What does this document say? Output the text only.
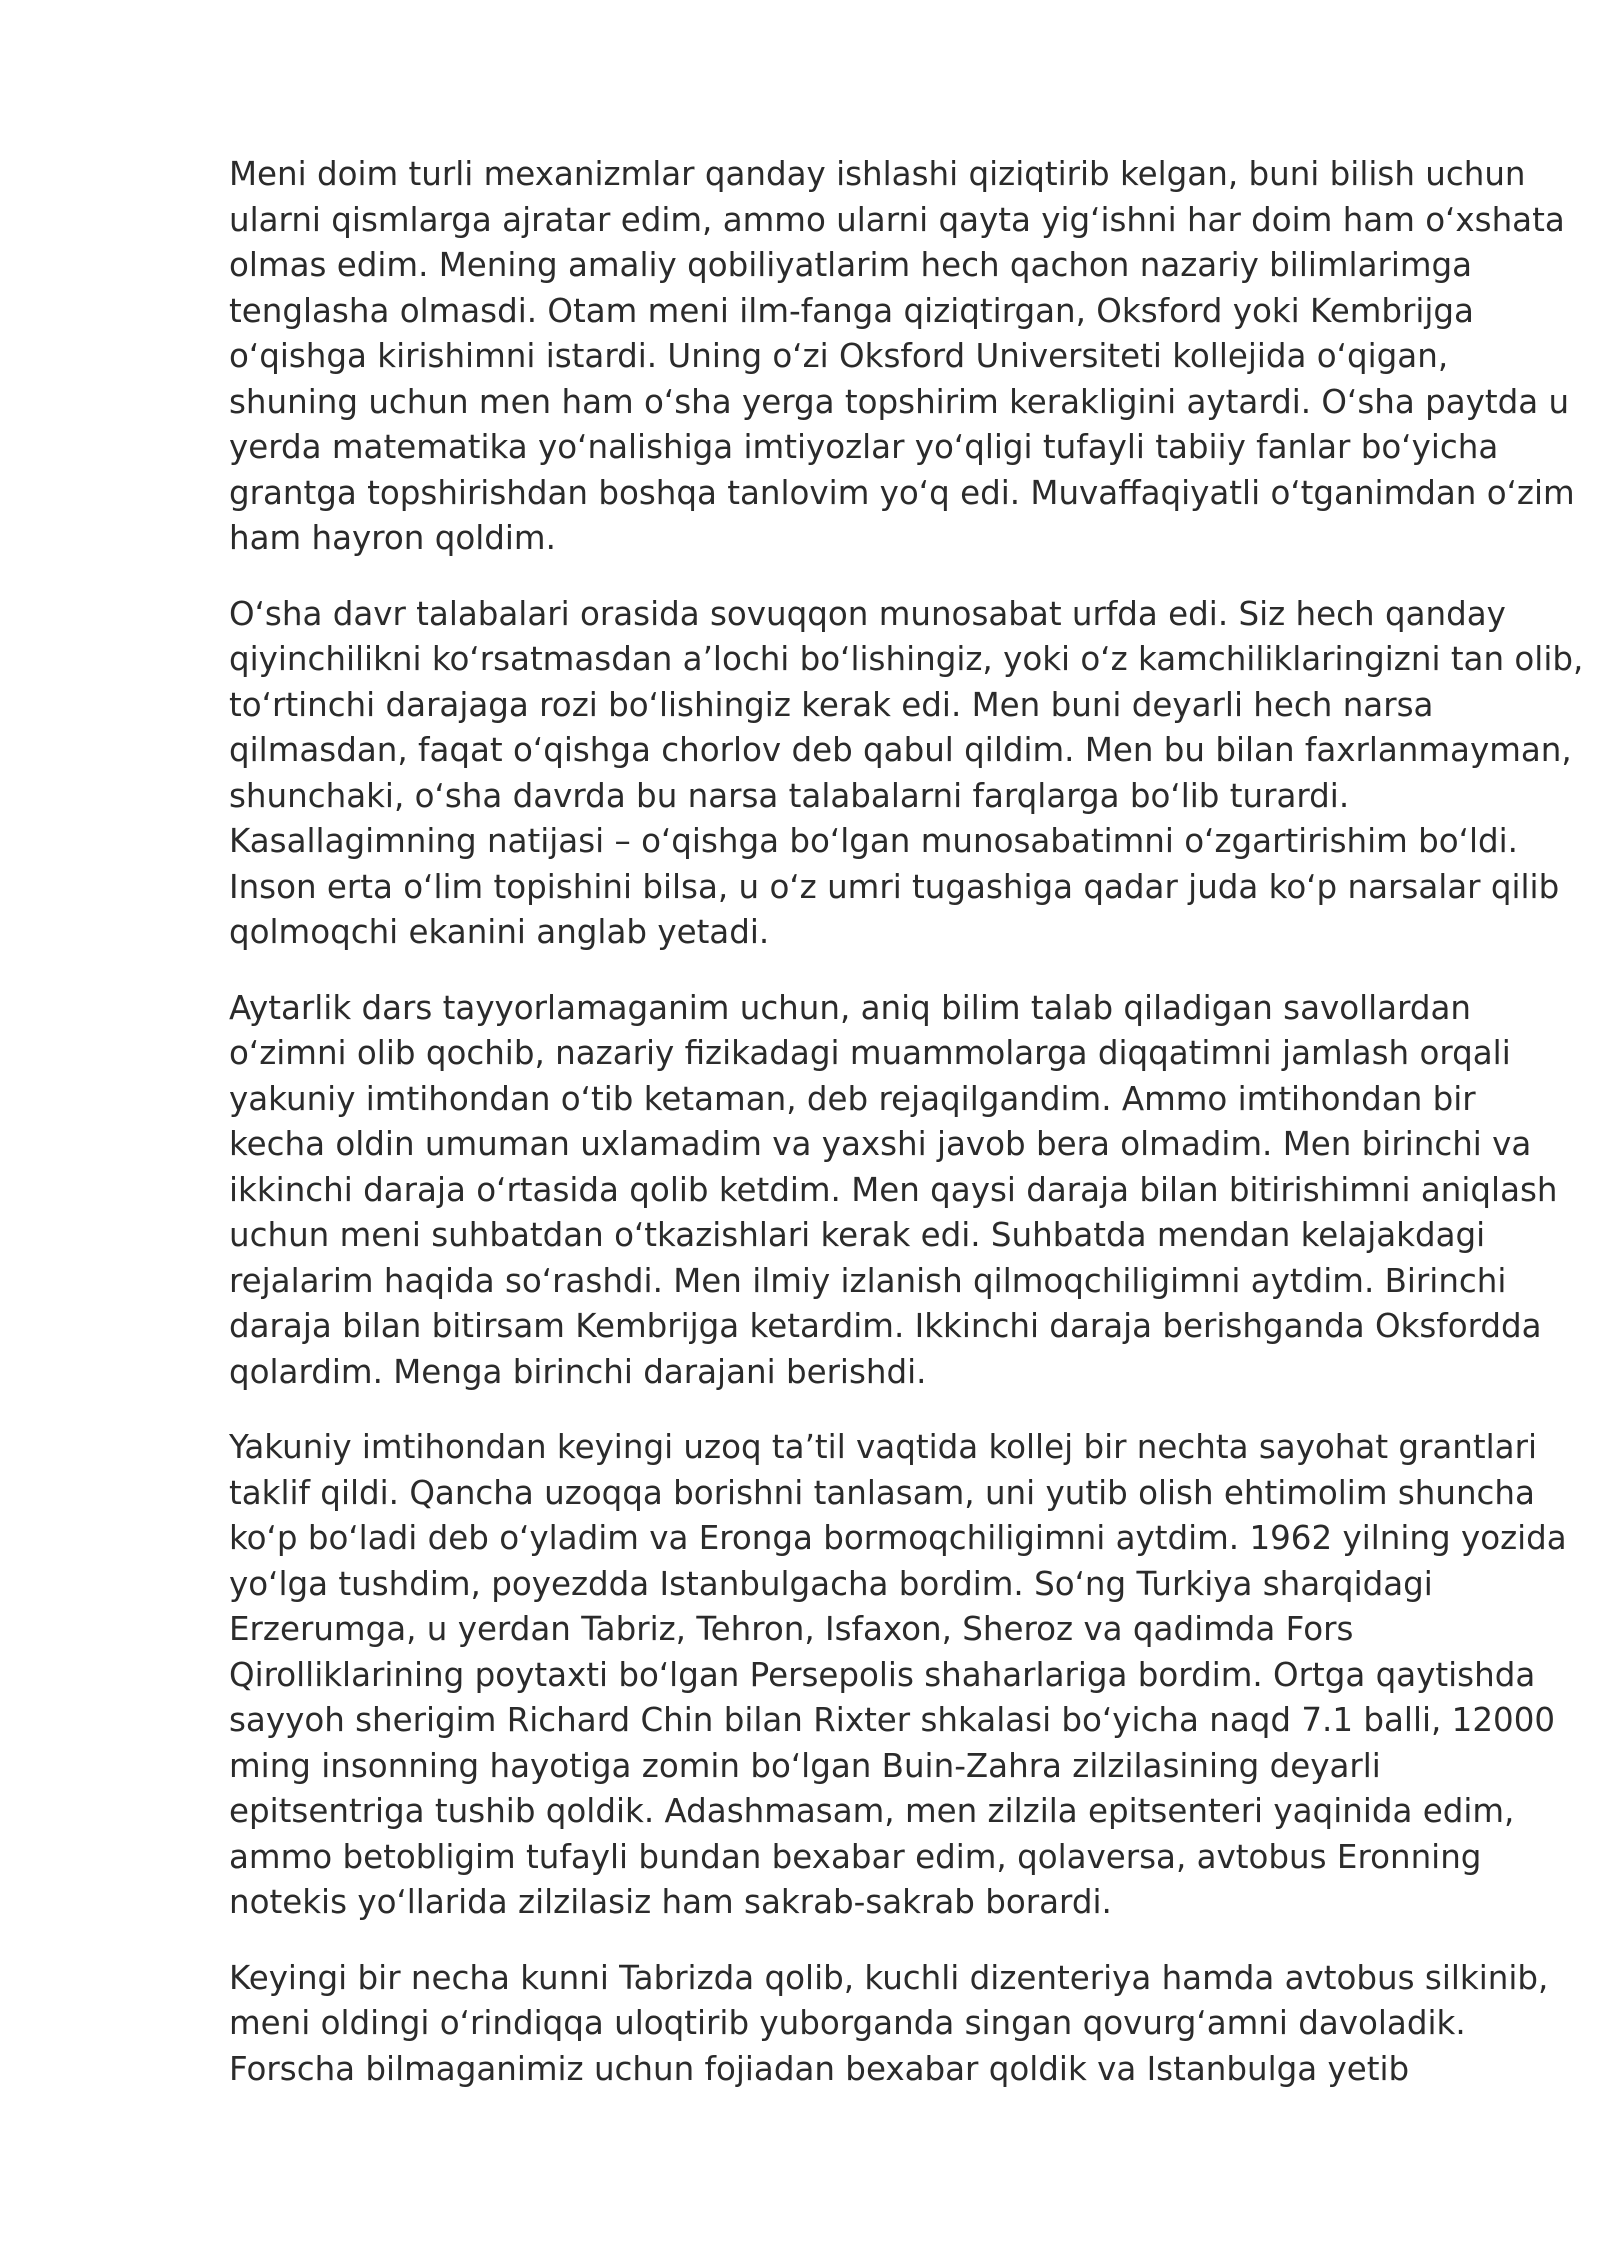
Meni doim turli mexanizmlar qanday ishlashi qiziqtirib kelgan, buni bilish uchun
ularni qismlarga ajratar edim, ammo ularni qayta yig‘ishni har doim ham o‘xshata
olmas edim. Mening amaliy qobiliyatlarim hech qachon nazariy bilimlarimga
tenglasha olmasdi. Otam meni ilm-fanga qiziqtirgan, Oksford yoki Kembrijga
o‘qishga kirishimni istardi. Uning o‘zi Oksford Universiteti kollejida o‘qigan,
shuning uchun men ham o‘sha yerga topshirim kerakligini aytardi. O‘sha paytda u
yerda matematika yo‘nalishiga imtiyozlar yo‘qligi tufayli tabiiy fanlar bo‘yicha
grantga topshirishdan boshqa tanlovim yo‘q edi. Muvaffaqiyatli o‘tganimdan o‘zim
ham hayron qoldim.

O‘sha davr talabalari orasida sovuqqon munosabat urfda edi. Siz hech qanday
qiyinchilikni ko‘rsatmasdan a’lochi bo‘lishingiz, yoki o‘z kamchiliklaringizni tan olib,
to‘rtinchi darajaga rozi bo‘lishingiz kerak edi. Men buni deyarli hech narsa
qilmasdan, faqat o‘qishga chorlov deb qabul qildim. Men bu bilan faxrlanmayman,
shunchaki, o‘sha davrda bu narsa talabalarni farqlarga bo‘lib turardi.
Kasallagimning natijasi – o‘qishga bo‘lgan munosabatimni o‘zgartirishim bo‘ldi.
Inson erta o‘lim topishini bilsa, u o‘z umri tugashiga qadar juda ko‘p narsalar qilib
qolmoqchi ekanini anglab yetadi.

Aytarlik dars tayyorlamaganim uchun, aniq bilim talab qiladigan savollardan
o‘zimni olib qochib, nazariy fizikadagi muammolarga diqqatimni jamlash orqali
yakuniy imtihondan o‘tib ketaman, deb rejaqilgandim. Ammo imtihondan bir
kecha oldin umuman uxlamadim va yaxshi javob bera olmadim. Men birinchi va
ikkinchi daraja o‘rtasida qolib ketdim. Men qaysi daraja bilan bitirishimni aniqlash
uchun meni suhbatdan o‘tkazishlari kerak edi. Suhbatda mendan kelajakdagi
rejalarim haqida so‘rashdi. Men ilmiy izlanish qilmoqchiligimni aytdim. Birinchi
daraja bilan bitirsam Kembrijga ketardim. Ikkinchi daraja berishganda Oksfordda
qolardim. Menga birinchi darajani berishdi.

Yakuniy imtihondan keyingi uzoq ta’til vaqtida kollej bir nechta sayohat grantlari
taklif qildi. Qancha uzoqqa borishni tanlasam, uni yutib olish ehtimolim shuncha
ko‘p bo‘ladi deb o‘yladim va Eronga bormoqchiligimni aytdim. 1962 yilning yozida
yo‘lga tushdim, poyezdda Istanbulgacha bordim. So‘ng Turkiya sharqidagi
Erzerumga, u yerdan Tabriz, Tehron, Isfaxon, Sheroz va qadimda Fors
Qirolliklarining poytaxti bo‘lgan Persepolis shaharlariga bordim. Ortga qaytishda
sayyoh sherigim Richard Chin bilan Rixter shkalasi bo‘yicha naqd 7.1 balli, 12000
ming insonning hayotiga zomin bo‘lgan Buin-Zahra zilzilasining deyarli
epitsentriga tushib qoldik. Adashmasam, men zilzila epitsenteri yaqinida edim,
ammo betobligim tufayli bundan bexabar edim, qolaversa, avtobus Eronning
notekis yo‘llarida zilzilasiz ham sakrab-sakrab borardi.

Keyingi bir necha kunni Tabrizda qolib, kuchli dizenteriya hamda avtobus silkinib,
meni oldingi o‘rindiqqa uloqtirib yuborganda singan qovurg‘amni davoladik.
Forscha bilmaganimiz uchun fojiadan bexabar qoldik va Istanbulga yetib
